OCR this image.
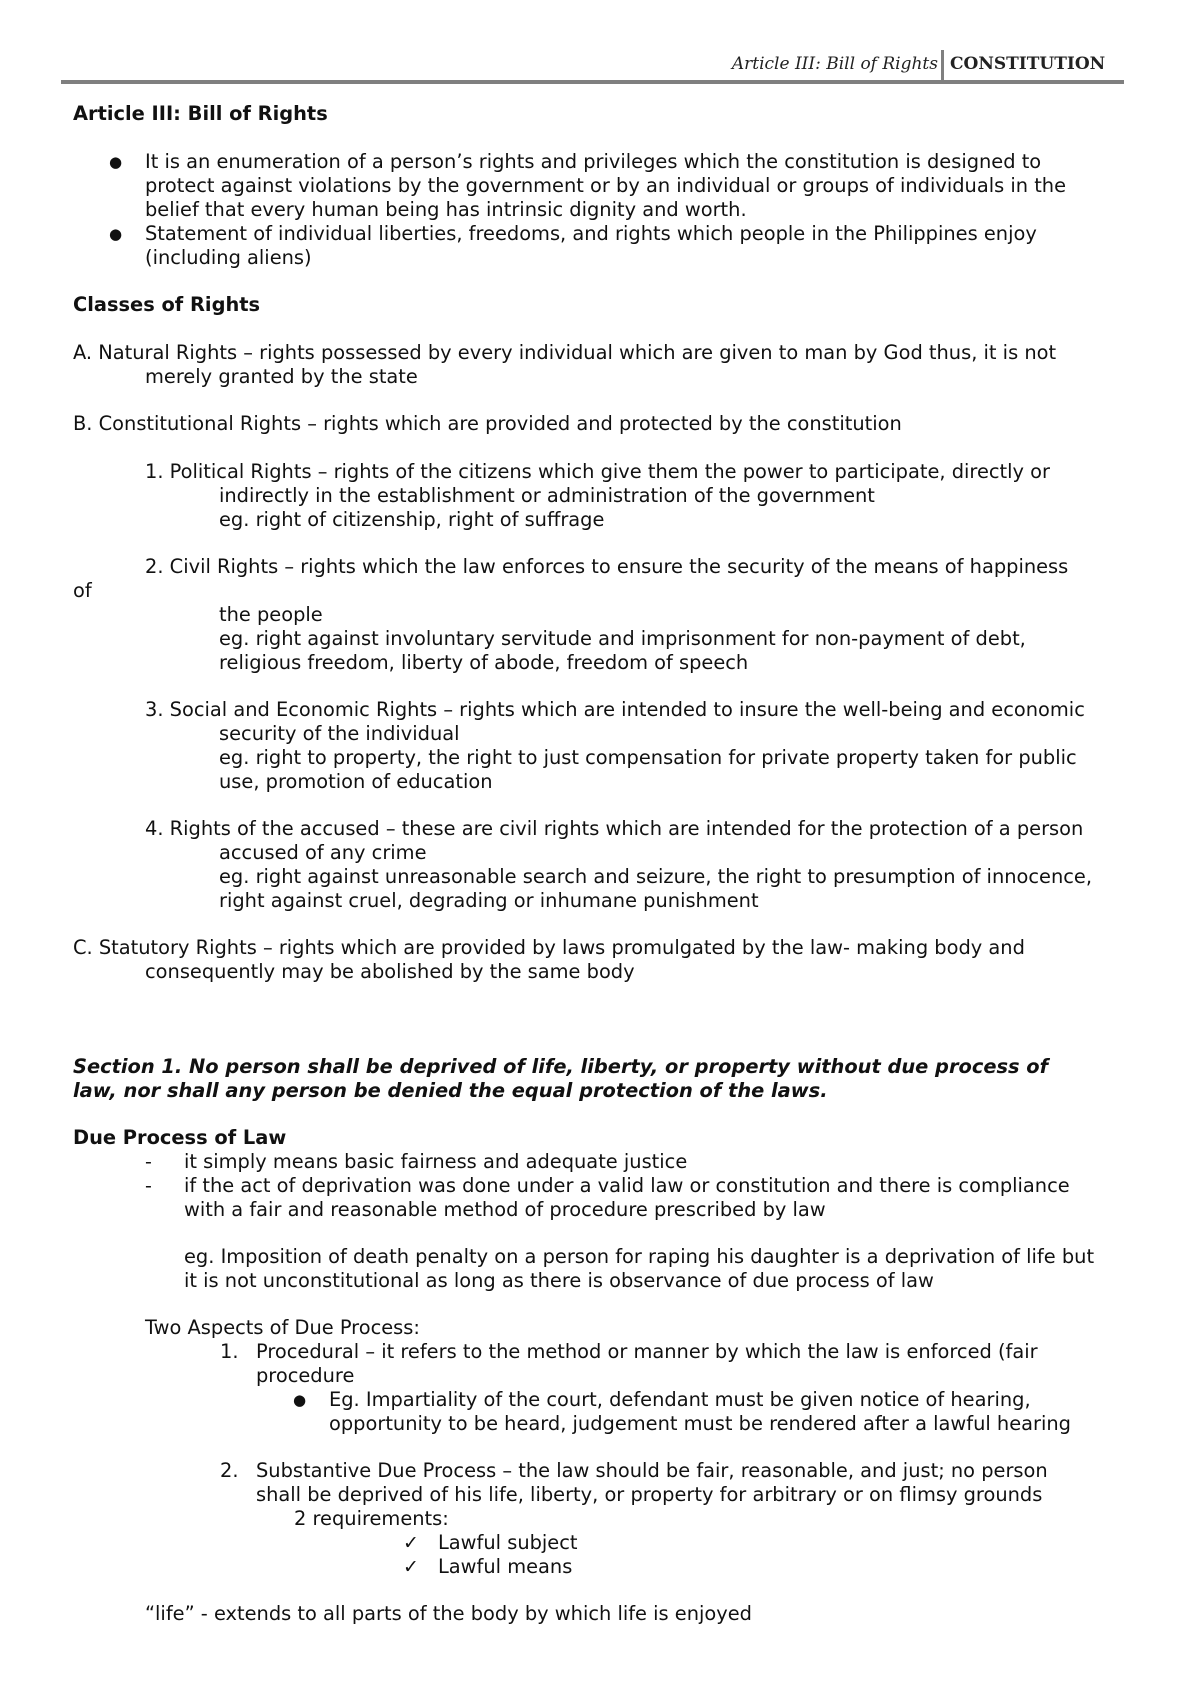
Article III: Bill of Rights CONSTITUTION
Article III: Bill of Rights
● It is an enumeration of a person’s rights and privileges which the constitution is designed to
protect against violations by the government or by an individual or groups of individuals in the
belief that every human being has intrinsic dignity and worth.
● Statement of individual liberties, freedoms, and rights which people in the Philippines enjoy
(including aliens)
Classes of Rights
A. Natural Rights – rights possessed by every individual which are given to man by God thus, it is not
merely granted by the state
B. Constitutional Rights – rights which are provided and protected by the constitution
1. Political Rights – rights of the citizens which give them the power to participate, directly or
indirectly in the establishment or administration of the government
eg. right of citizenship, right of suffrage
2. Civil Rights – rights which the law enforces to ensure the security of the means of happiness
of
the people
eg. right against involuntary servitude and imprisonment for non-payment of debt,
religious freedom, liberty of abode, freedom of speech
3. Social and Economic Rights – rights which are intended to insure the well-being and economic
security of the individual
eg. right to property, the right to just compensation for private property taken for public
use, promotion of education
4. Rights of the accused – these are civil rights which are intended for the protection of a person
accused of any crime
eg. right against unreasonable search and seizure, the right to presumption of innocence,
right against cruel, degrading or inhumane punishment
C. Statutory Rights – rights which are provided by laws promulgated by the law- making body and
consequently may be abolished by the same body
Section 1. No person shall be deprived of life, liberty, or property without due process of
law, nor shall any person be denied the equal protection of the laws.
Due Process of Law
- it simply means basic fairness and adequate justice
- if the act of deprivation was done under a valid law or constitution and there is compliance
with a fair and reasonable method of procedure prescribed by law
eg. Imposition of death penalty on a person for raping his daughter is a deprivation of life but
it is not unconstitutional as long as there is observance of due process of law
Two Aspects of Due Process:
1. Procedural – it refers to the method or manner by which the law is enforced (fair
procedure
● Eg. Impartiality of the court, defendant must be given notice of hearing,
opportunity to be heard, judgement must be rendered after a lawful hearing
2. Substantive Due Process – the law should be fair, reasonable, and just; no person
shall be deprived of his life, liberty, or property for arbitrary or on flimsy grounds
2 requirements:
✓ Lawful subject
✓ Lawful means
“life” - extends to all parts of the body by which life is enjoyed
